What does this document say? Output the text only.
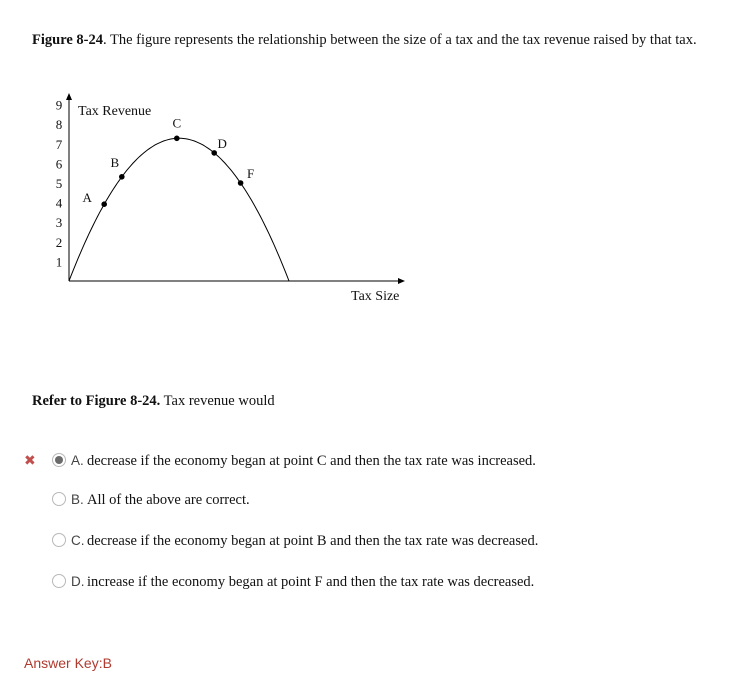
Figure 8-24. The figure represents the relationship between the size of a tax and the tax revenue raised by that tax.
1
2
3
4
5
6
7
8
9 Tax Revenue
Tax Size
A
B
C
D
F
Refer to Figure 8-24. Tax revenue would
✖	A. decrease if the economy began at point C and then the tax rate was increased.
B. All of the above are correct.
C. decrease if the economy began at point B and then the tax rate was decreased.
D. increase if the economy began at point F and then the tax rate was decreased.
Answer Key:B
